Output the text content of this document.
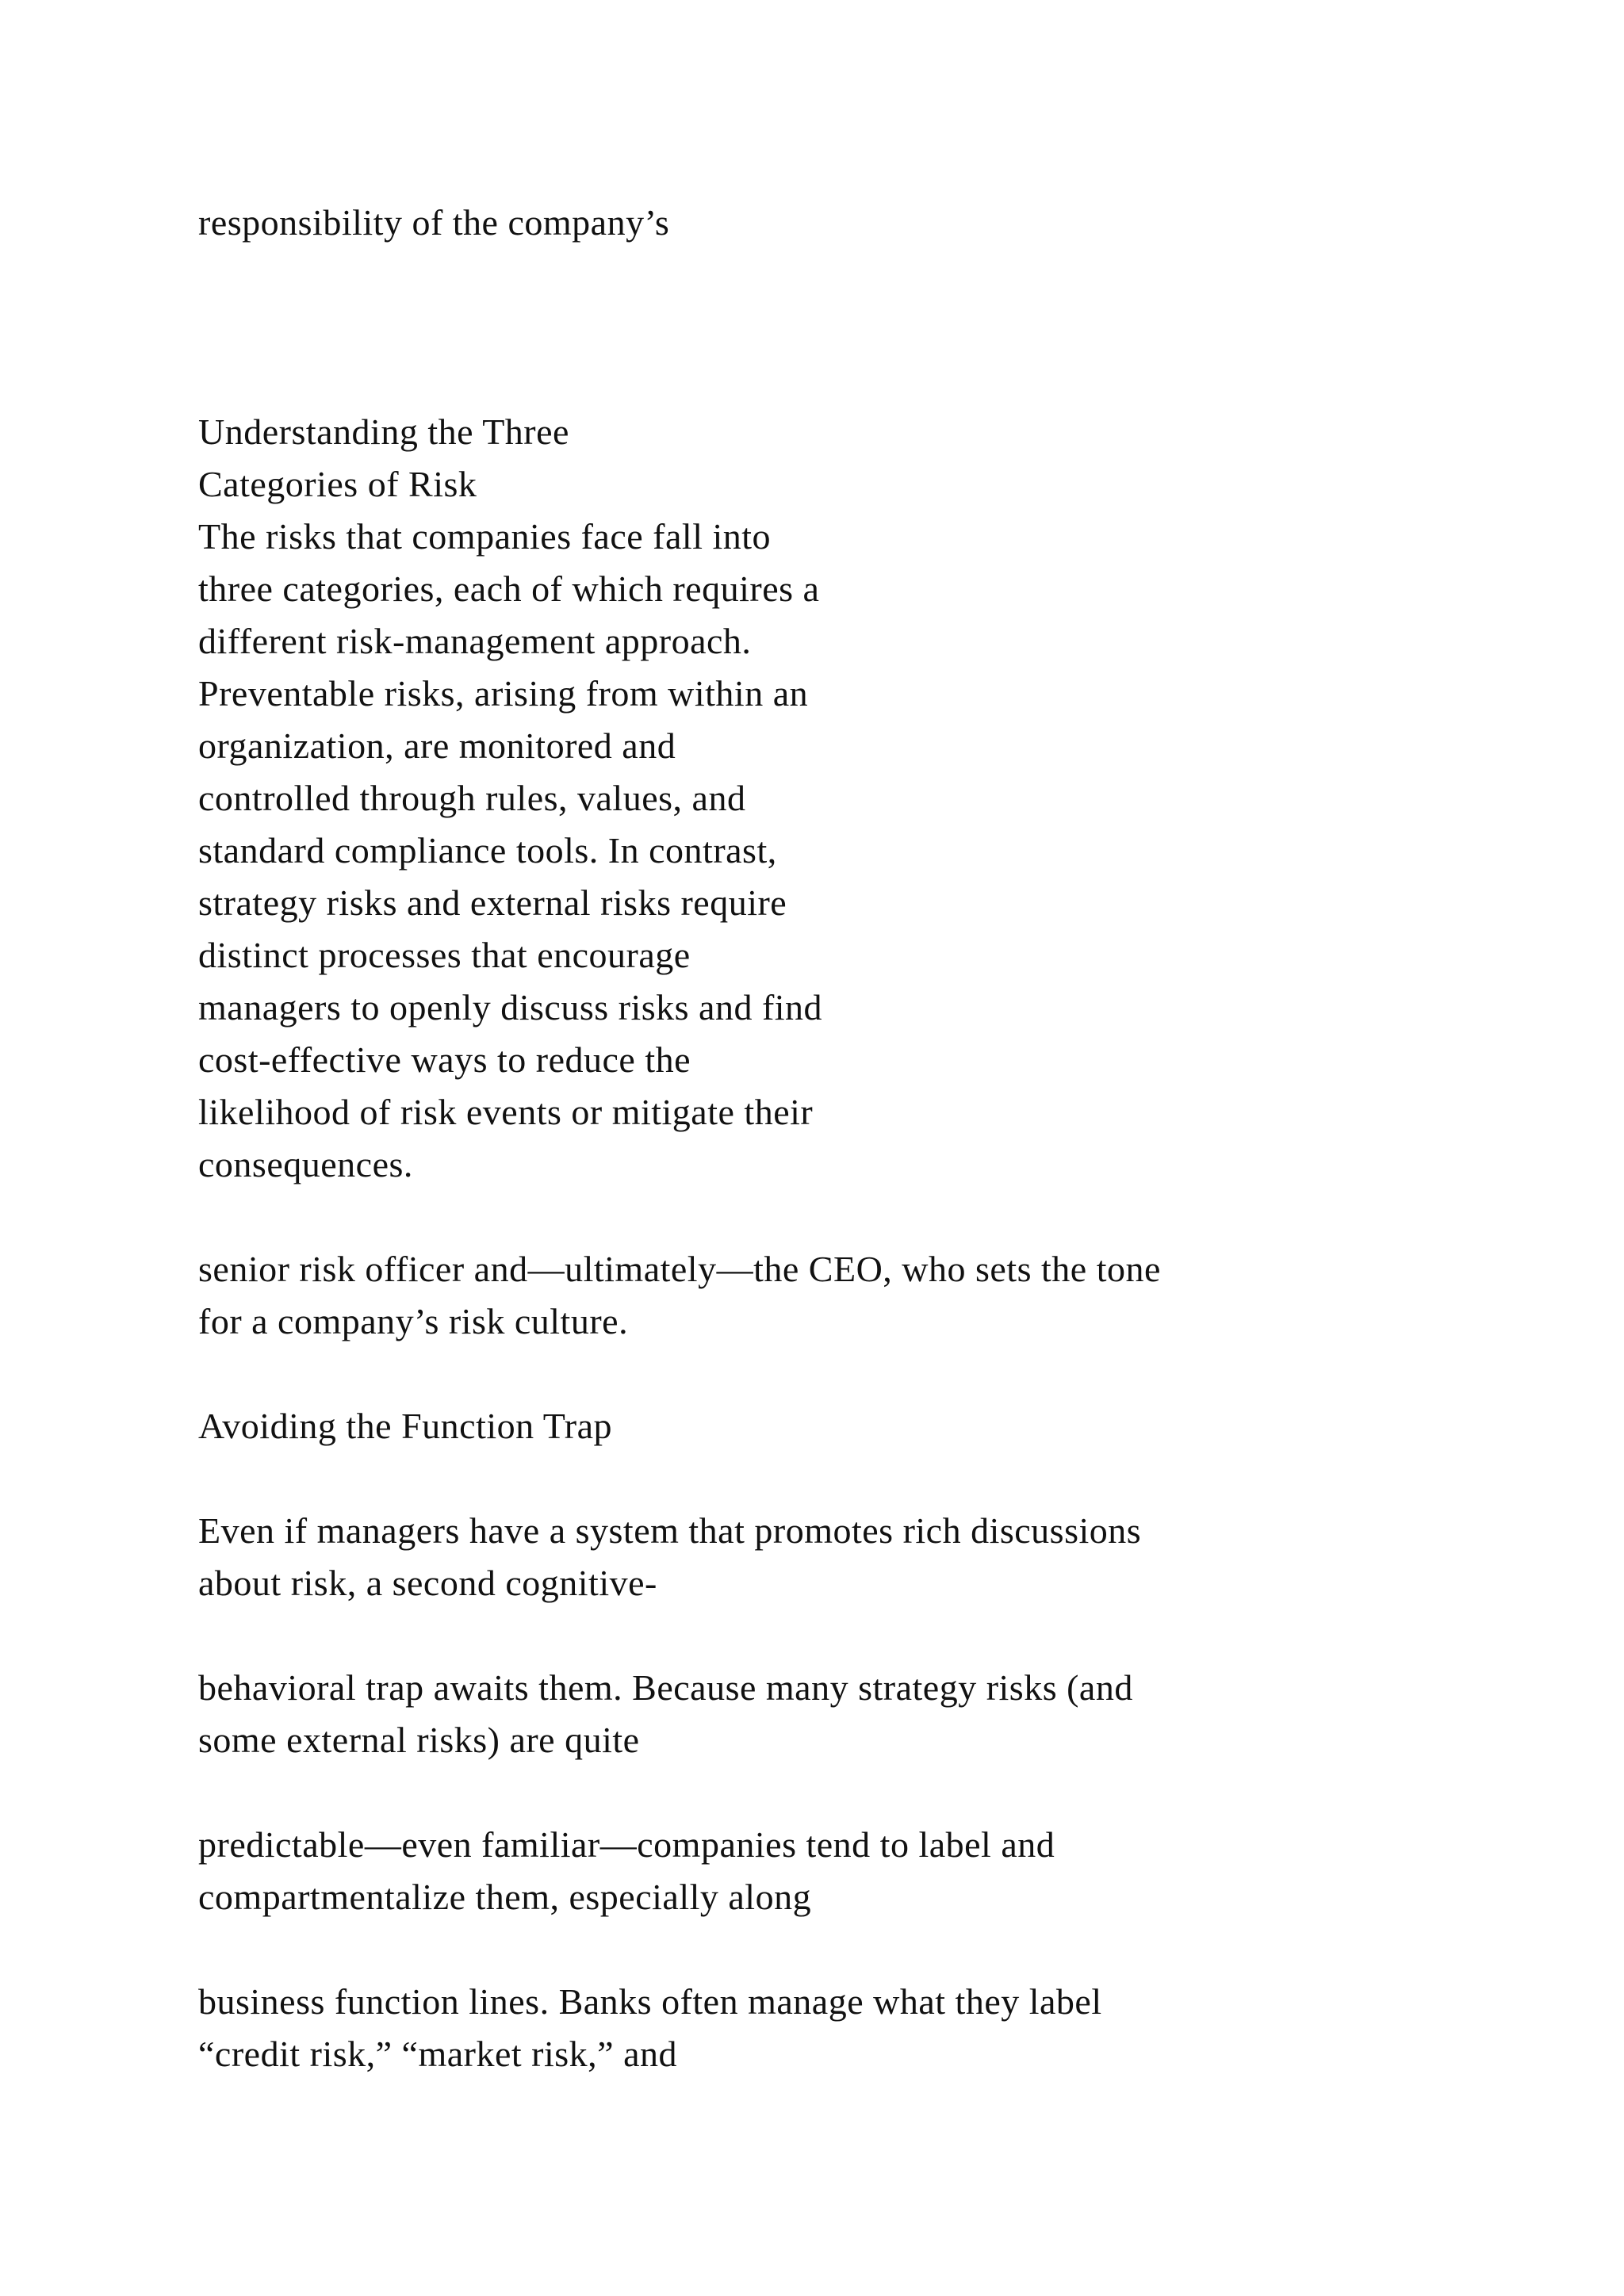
responsibility of the company’s
Understanding the Three
Categories of Risk
The risks that companies face fall into
three categories, each of which requires a
different risk-management approach.
Preventable risks, arising from within an
organization, are monitored and
controlled through rules, values, and
standard compliance tools. In contrast,
strategy risks and external risks require
distinct processes that encourage
managers to openly discuss risks and find
cost-effective ways to reduce the
likelihood of risk events or mitigate their
consequences.
senior risk officer and—ultimately—the CEO, who sets the tone
for a company’s risk culture.
Avoiding the Function Trap
Even if managers have a system that promotes rich discussions
about risk, a second cognitive-
behavioral trap awaits them. Because many strategy risks (and
some external risks) are quite
predictable—even familiar—companies tend to label and
compartmentalize them, especially along
business function lines. Banks often manage what they label
“credit risk,” “market risk,” and
